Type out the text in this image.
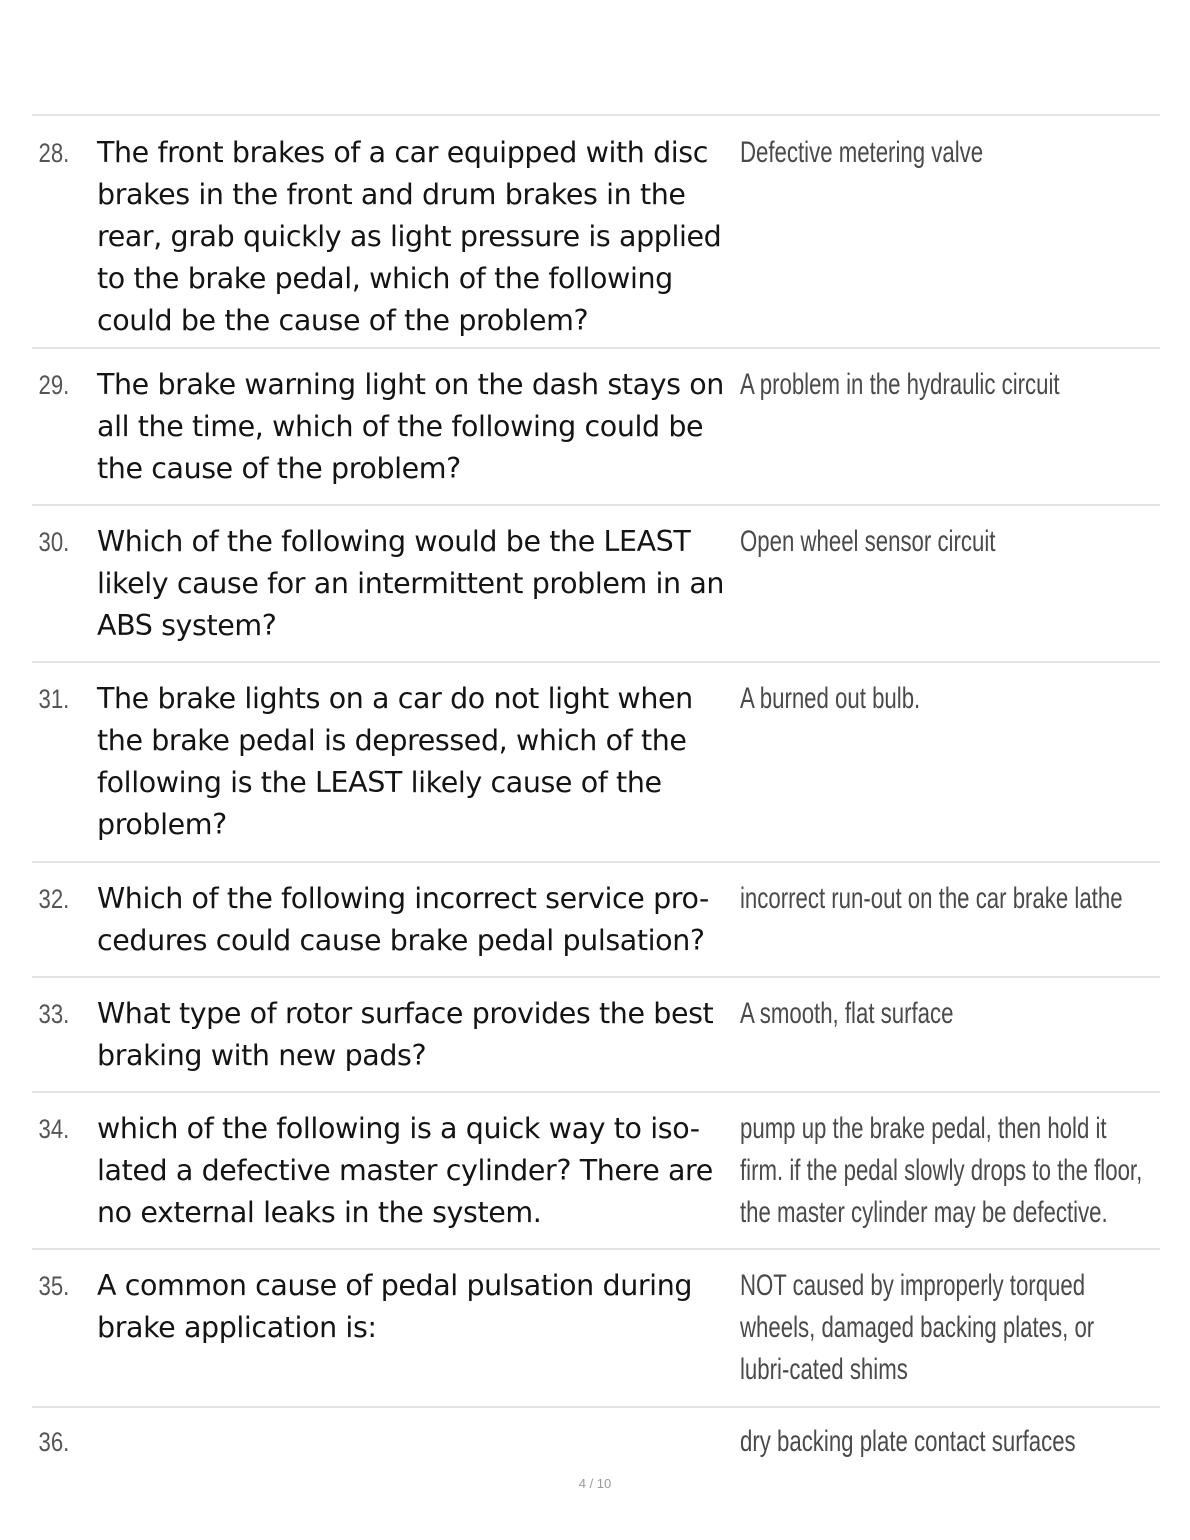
28. The front brakes of a car equipped with disc brakes in the front and drum brakes in the rear, grab quickly as light pressure is applied to the brake pedal, which of the following could be the cause of the problem?
Defective metering valve
29. The brake warning light on the dash stays on all the time, which of the following could be the cause of the problem?
A problem in the hydraulic circuit
30. Which of the following would be the LEAST likely cause for an intermittent problem in an ABS system?
Open wheel sensor circuit
31. The brake lights on a car do not light when the brake pedal is depressed, which of the following is the LEAST likely cause of the problem?
A burned out bulb.
32. Which of the following incorrect service pro-cedures could cause brake pedal pulsation?
incorrect run-out on the car brake lathe
33. What type of rotor surface provides the best braking with new pads?
A smooth, flat surface
34. which of the following is a quick way to iso-lated a defective master cylinder? There are no external leaks in the system.
pump up the brake pedal, then hold it firm. if the pedal slowly drops to the floor, the master cylinder may be defective.
35. A common cause of pedal pulsation during brake application is:
NOT caused by improperly torqued wheels, damaged backing plates, or lubri-cated shims
36.	dry backing plate contact surfaces
4 / 10
